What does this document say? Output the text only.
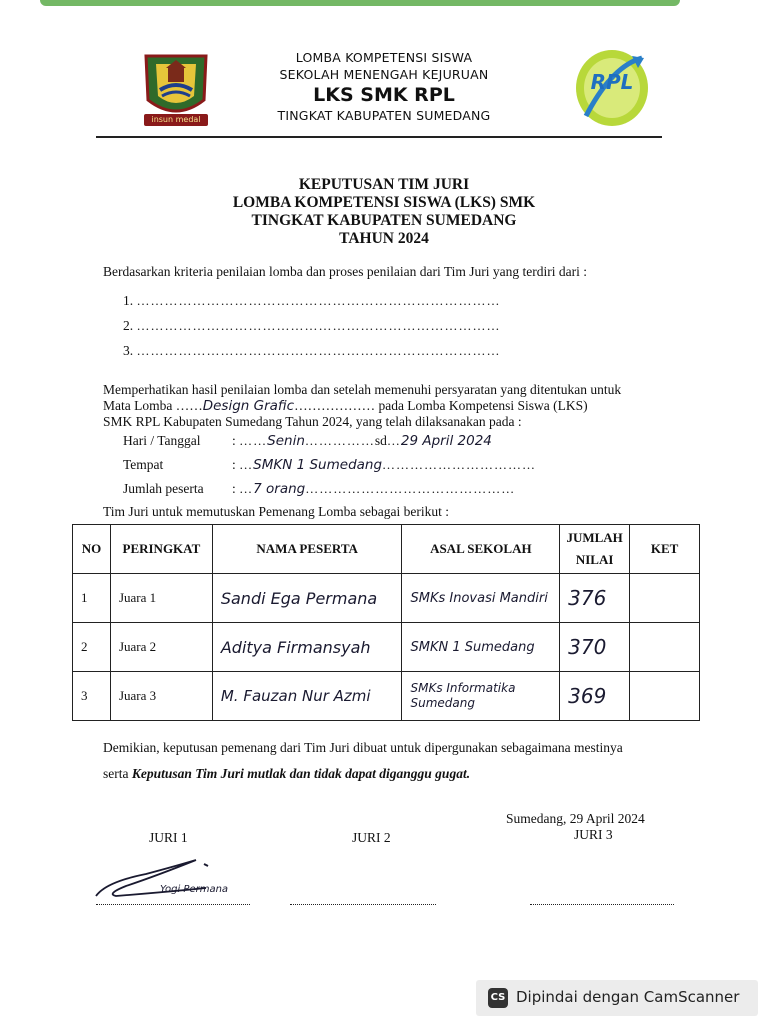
insun medal
RPL
LOMBA KOMPETENSI SISWA
SEKOLAH MENENGAH KEJURUAN
LKS SMK RPL
TINGKAT KABUPATEN SUMEDANG
KEPUTUSAN TIM JURI
LOMBA KOMPETENSI SISWA (LKS) SMK
TINGKAT KABUPATEN SUMEDANG
TAHUN 2024
Berdasarkan kriteria penilaian lomba dan proses penilaian dari Tim Juri yang terdiri dari :
1. ……………………………………………………………………
2. ……………………………………………………………………
3. ……………………………………………………………………
Memperhatikan hasil penilaian lomba dan setelah memenuhi persyaratan yang ditentukan untuk
Mata Lomba ……Design Grafic……………… pada Lomba Kompetensi Siswa (LKS)
SMK RPL Kabupaten Sumedang Tahun 2024, yang telah dilaksanakan pada :
Hari / Tanggal : ……Senin……………sd…29 April 2024
Tempat	: …SMKN 1 Sumedang……………………………
Jumlah peserta : …7 orang………………………………………
Tim Juri untuk memutuskan Pemenang Lomba sebagai berikut :
NO	PERINGKAT	NAMA PESERTA	ASAL SEKOLAH	JUMLAH NILAI	KET
1	Juara 1	Sandi Ega Permana	SMKs Inovasi Mandiri	376	
2	Juara 2	Aditya Firmansyah	SMKN 1 Sumedang	370	
3	Juara 3	M. Fauzan Nur Azmi	SMKs Informatika Sumedang	369	
Demikian, keputusan pemenang dari Tim Juri dibuat untuk dipergunakan sebagaimana mestinya
serta Keputusan Tim Juri mutlak dan tidak dapat diganggu gugat.
Sumedang, 29 April 2024
JURI 1	JURI 2	JURI 3
Yogi Permana
CS Dipindai dengan CamScanner
